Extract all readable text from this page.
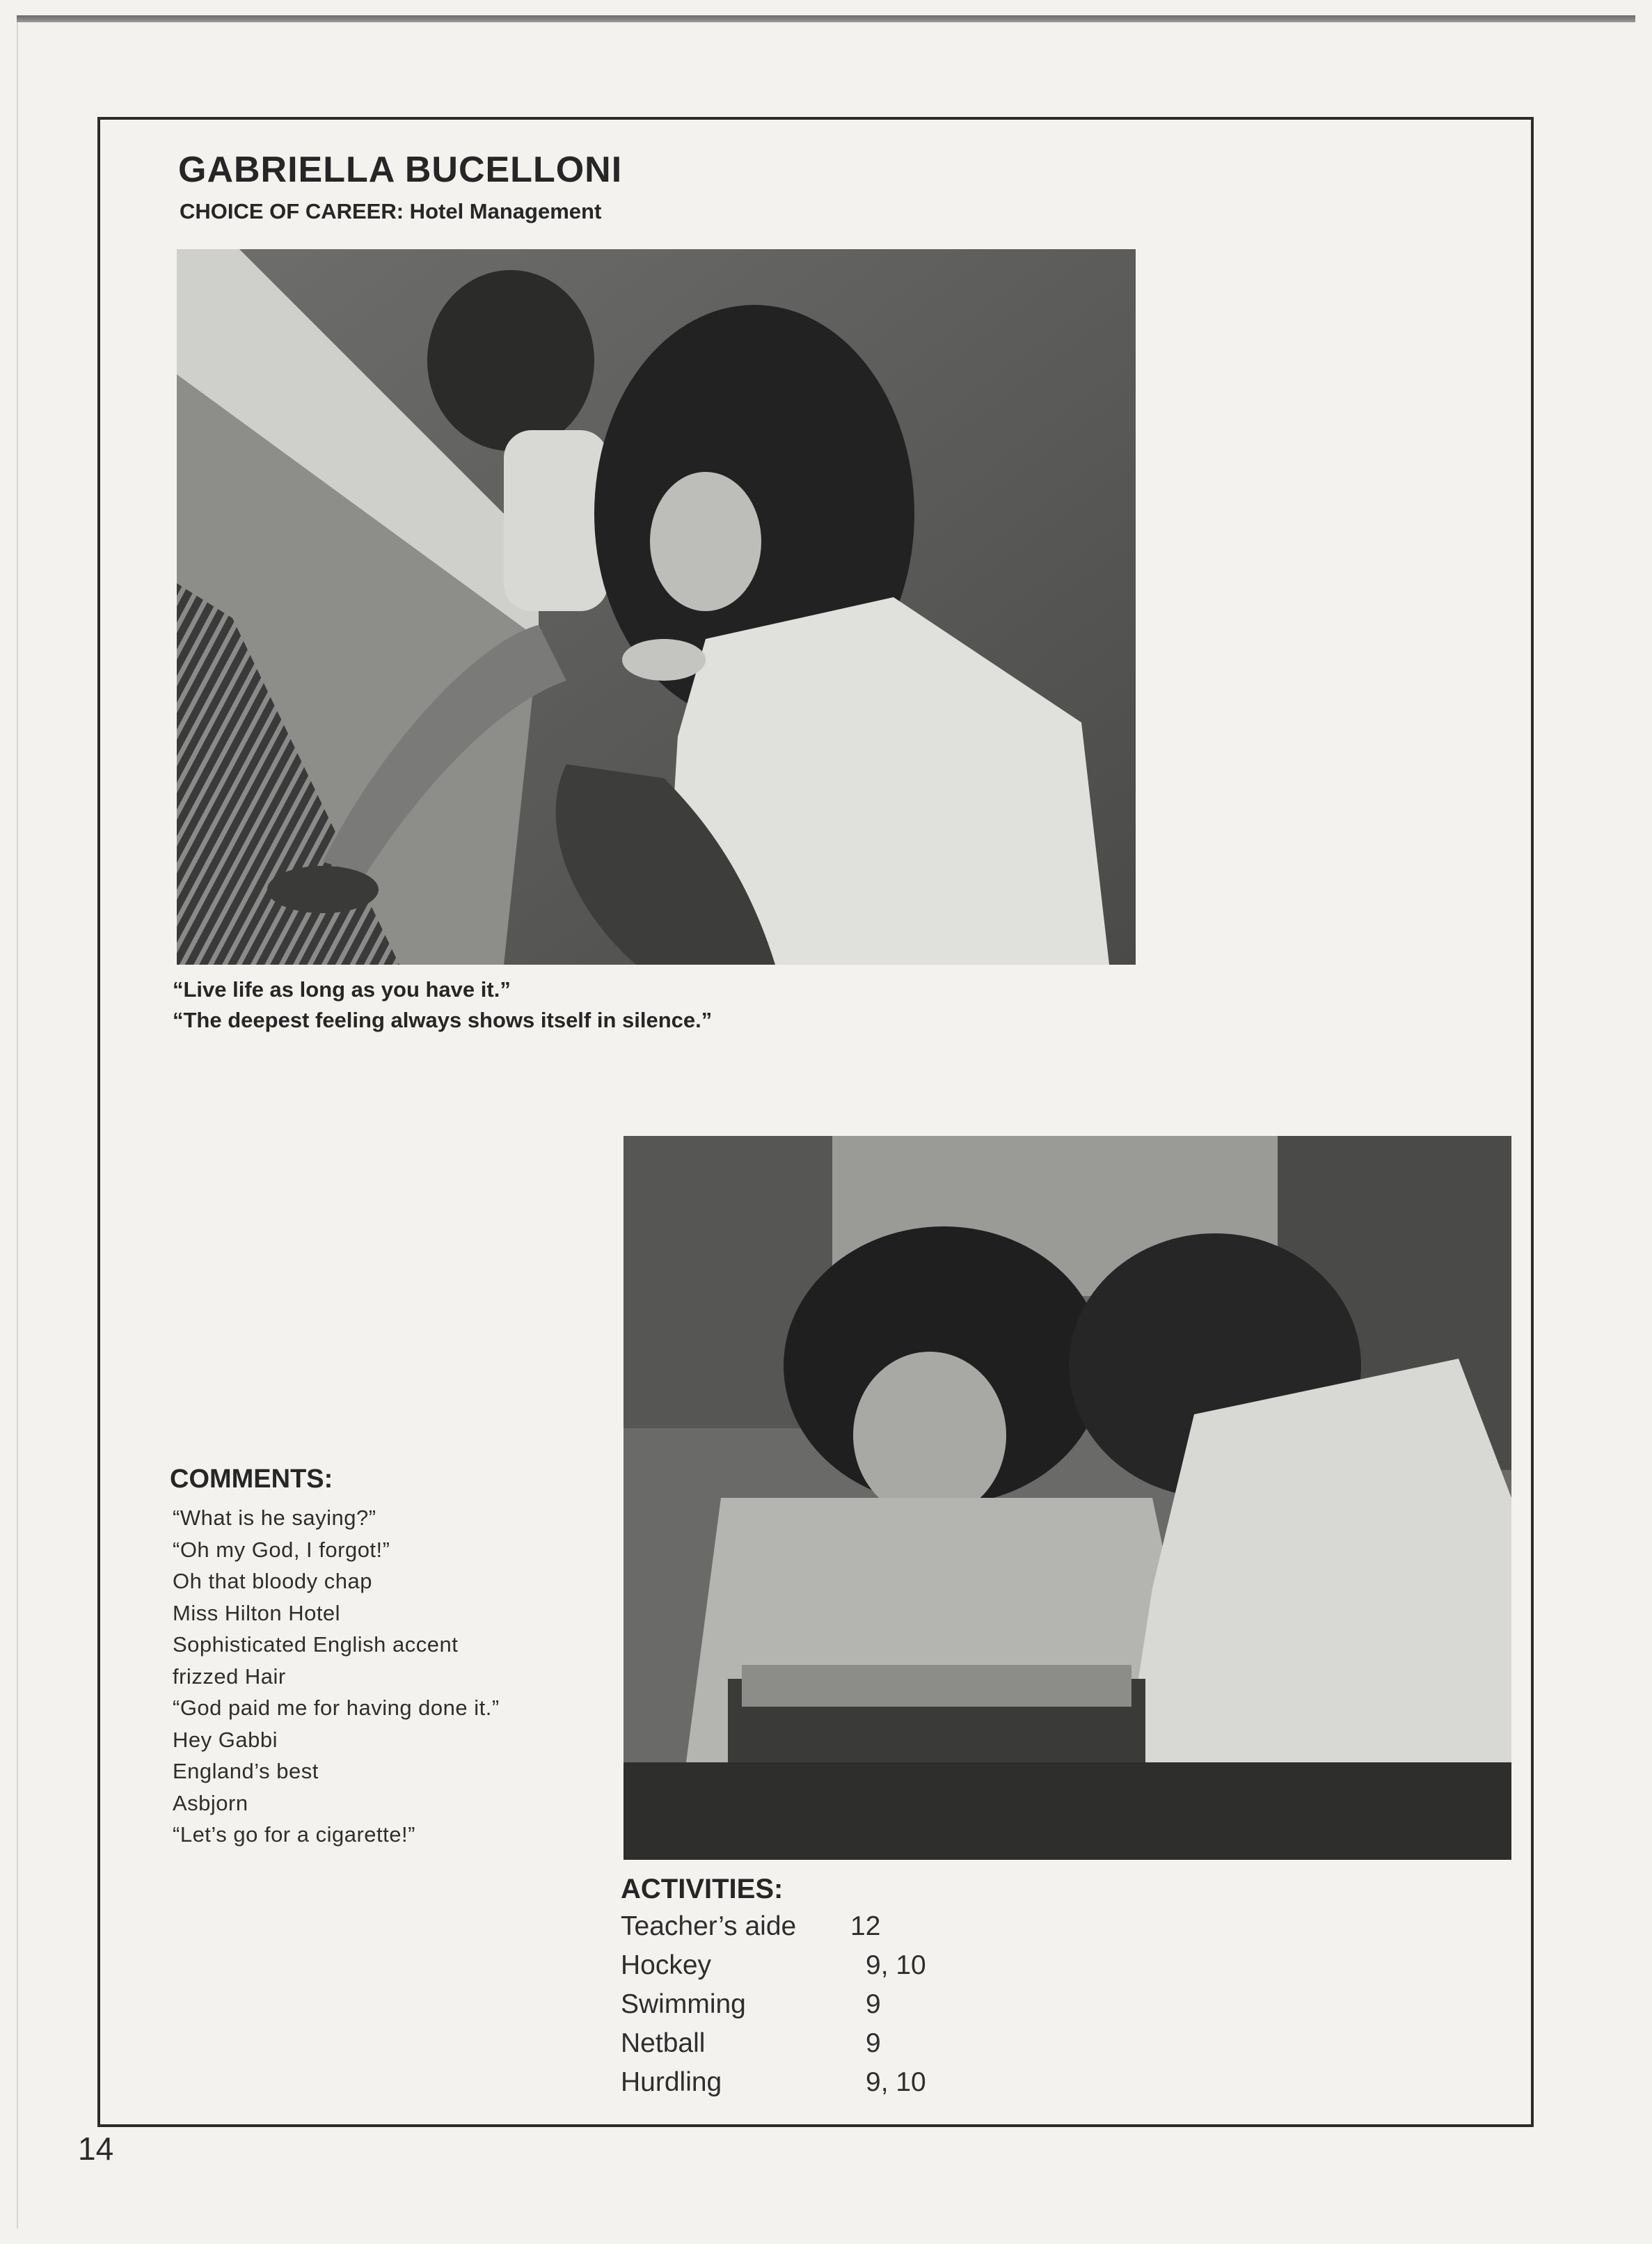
GABRIELLA BUCELLONI
CHOICE OF CAREER: Hotel Management
“Live life as long as you have it.”
“The deepest feeling always shows itself in silence.”
COMMENTS:
“What is he saying?”
“Oh my God, I forgot!”
Oh that bloody chap
Miss Hilton Hotel
Sophisticated English accent
frizzed Hair
“God paid me for having done it.”
Hey Gabbi
England’s best
Asbjorn
“Let’s go for a cigarette!”
ACTIVITIES:
Teacher’s aide 12
Hockey	9, 10
Swimming	9
Netball	9
Hurdling	9, 10
14
